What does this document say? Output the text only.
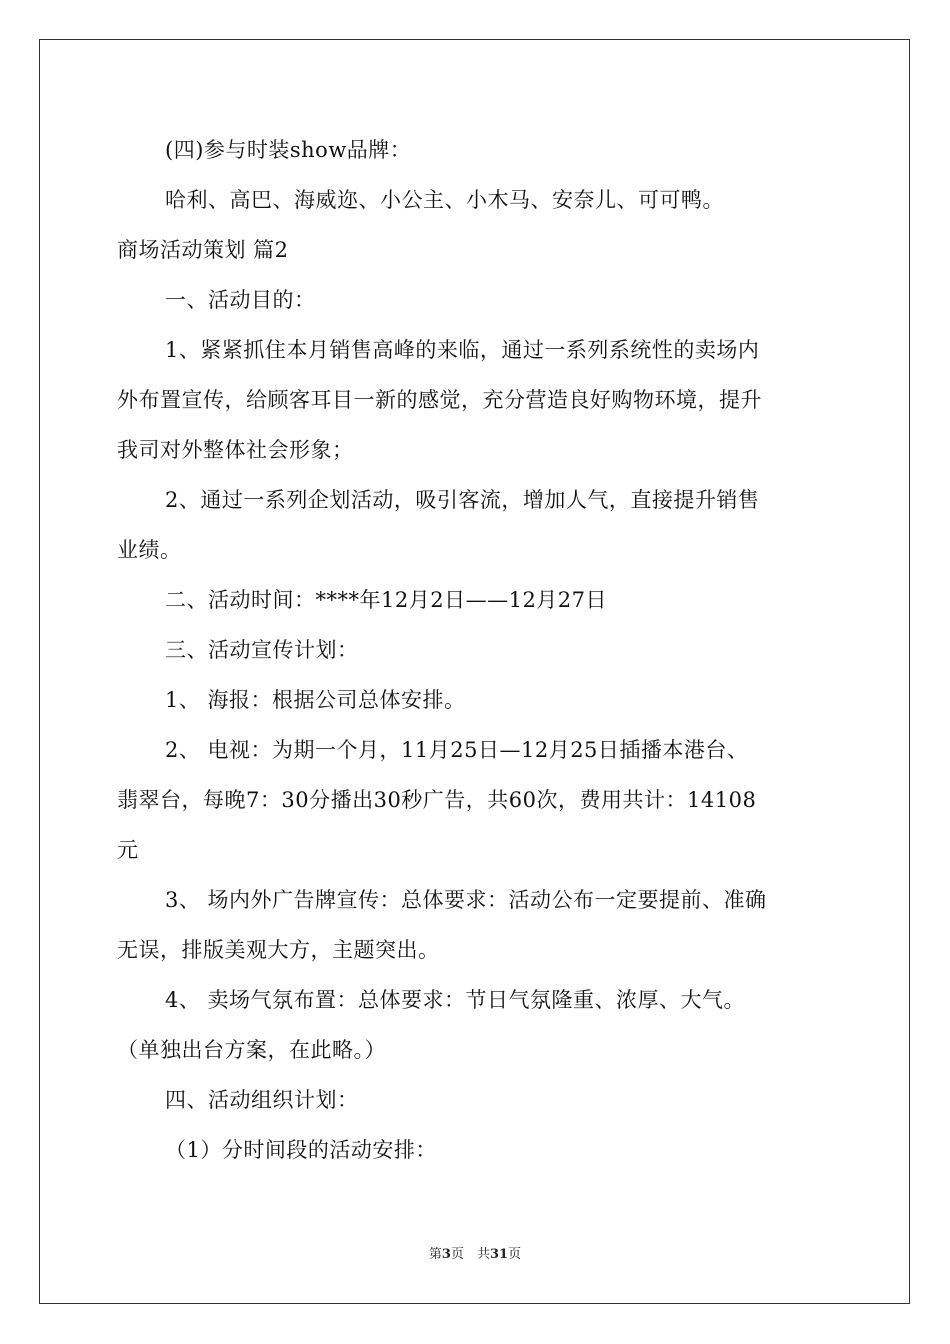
(四)参与时装show品牌：
哈利、高巴、海威迩、小公主、小木马、安奈儿、可可鸭。
商场活动策划 篇2
一、活动目的：
1、紧紧抓住本月销售高峰的来临，通过一系列系统性的卖场内
外布置宣传，给顾客耳目一新的感觉，充分营造良好购物环境，提升
我司对外整体社会形象；
2、通过一系列企划活动，吸引客流，增加人气，直接提升销售
业绩。
二、活动时间：****年12月2日——12月27日
三、活动宣传计划：
1、 海报：根据公司总体安排。
2、 电视：为期一个月，11月25日—12月25日插播本港台、
翡翠台，每晚7：30分播出30秒广告，共60次，费用共计：14108
元
3、 场内外广告牌宣传：总体要求：活动公布一定要提前、准确
无误，排版美观大方，主题突出。
4、 卖场气氛布置：总体要求：节日气氛隆重、浓厚、大气。
（单独出台方案，在此略。）
四、活动组织计划：
（1）分时间段的活动安排：
第3页　共31页
